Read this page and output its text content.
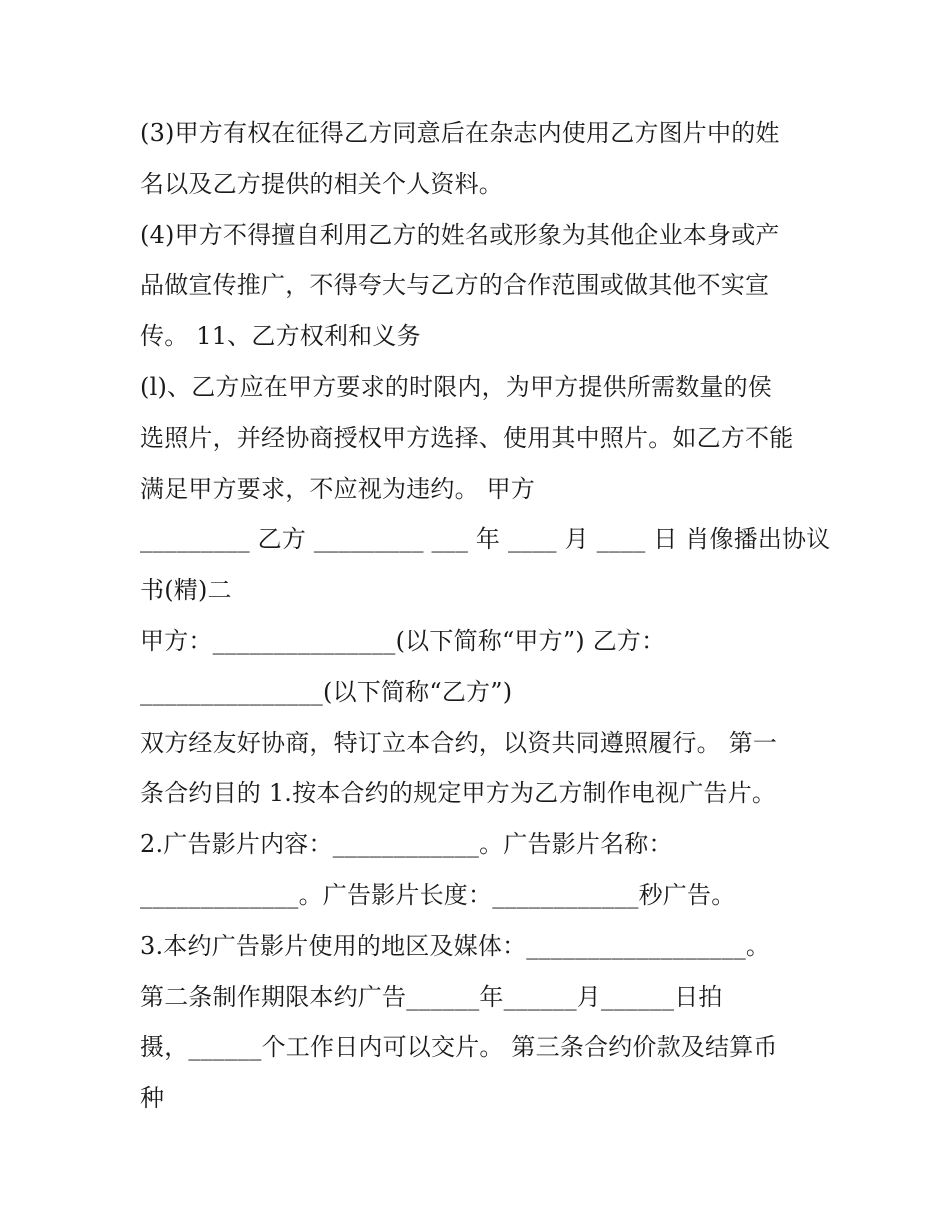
(3)甲方有权在征得乙方同意后在杂志内使用乙方图片中的姓

名以及乙方提供的相关个人资料。

(4)甲方不得擅自利用乙方的姓名或形象为其他企业本身或产

品做宣传推广，不得夸大与乙方的合作范围或做其他不实宣

传。 11、乙方权利和义务

(l)、乙方应在甲方要求的时限内，为甲方提供所需数量的侯

选照片，并经协商授权甲方选择、使用其中照片。如乙方不能

满足甲方要求，不应视为违约。 甲方

_________ 乙方 _________ ___ 年 ____ 月 ____ 日 肖像播出协议

书(精)二

甲方：_______________(以下简称“甲方”) 乙方：

_______________(以下简称“乙方”)

双方经友好协商，特订立本合约，以资共同遵照履行。 第一

条合约目的 1.按本合约的规定甲方为乙方制作电视广告片。

2.广告影片内容：____________。广告影片名称：

_____________。广告影片长度：____________秒广告。

3.本约广告影片使用的地区及媒体：__________________。

第二条制作期限本约广告______年______月______日拍

摄，______个工作日内可以交片。 第三条合约价款及结算币

种
